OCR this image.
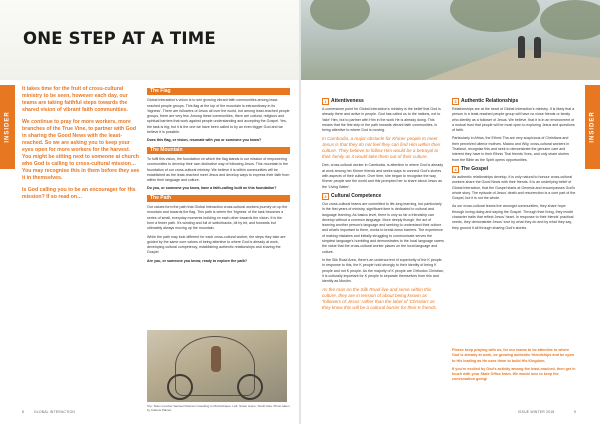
ONE STEP AT A TIME
INSIDER	INSIDER

It takes time for the fruit of cross-cultural ministry to be seen, however each day, our teams are taking faithful steps towards the shared vision of vibrant faith communities.

We continue to pray for more workers, more branches of the True Vine, to partner with God in sharing the Good News with the least-reached. So we are asking you to keep your eyes open for more workers for the harvest. You might be sitting next to someone at church who God is calling to cross-cultural mission… You may recognise this in them before they see it in themselves.

Is God calling you to be an encourager for His mission? If so read on…

The Flag

Global Interaction's vision is to see growing vibrant faith communities among least-reached people groups. This flag at the top of the mountain is extraordinary in its 'bigness'. There are followers of Jesus all over the world, but among least-reached people groups, there are very few. Among these communities, there are cultural, religious and spiritual barriers that work against people understanding and accepting the Gospel. Yes, the task is big; but it is the one we have been called to by an even bigger God and we believe it is possible.

Does this flag, or vision, resonate with you or someone you know?

The Mountain

To fulfil this vision, the foundation on which the flag stands is our mission of empowering communities to develop their own distinctive way of following Jesus. This mountain is the foundation of our cross-cultural ministry. We believe it is within communities will be established as the least-reached meet Jesus and develop ways to express their faith from within their language and culture.

Do you, or someone you know, have a faith-calling built on this foundation?

The Path

Our values form the path that Global Interaction cross-cultural workers journey on up the mountain and towards the flag. This path is where the 'bigness' of the task becomes a series of small, everyday moments building on each other towards the vision. It is the form a fewer path. It's winding and full of switchbacks, bit by bit, and forwards but ultimately always moving up the mountain.

While the path may look different for each cross-cultural worker, the steps they take are guided by the same core values of being attentive to where God is already at work, developing cultural competency, establishing authentic relationships and sharing the Gospel.

Are you, or someone you know, ready to explore the path?

Top: Team member Samuel Peterson travelling to Mozambique. Left: Street scene, South Asia. Photo taken by Andrew Palmer.
1 Attentiveness

A cornerstone point for Global Interaction's ministry is the belief that God is already there and active in people. God has called us to the nations, not to 'take' Him, but to partner with Him in the work He is already doing. This means that the first step in the path towards vibrant faith communities, is being attentive to where God is moving.

In Cambodia, a major obstacle for Khmer people to meet Jesus is that they do not feel they can find Him within their culture. They believe to follow Him would be a betrayal to their family as it would take them out of their culture.

Deb, cross-cultural worker in Cambodia, is attentive to where God is already at work among her Khmer friends and seeks ways to connect God's stories with aspects of their culture. Over time, she began to recognise the way Khmer people see the world and this prompted her to share about Jesus as the 'Living Water'.

2 Cultural Competence

Our cross-cultural teams are committed to life-long learning, but particularly in the first years of ministry, significant time is dedicated to cultural and language learning. As basics level, there is only so far a friendship can develop without a common language. More deeply though, the act of learning another person's language and seeking to understand their culture and what's important to them, works to break down barriers. The experience of making mistakes and initially struggling to communicate serves the simplest language's humbling and demonstrates to the local language carers the value that the cross-cultural worker places on the local language and culture.

In the Silk Road Area, there's an undercurrent of superiority of the K people. In response to this, the K people hold strongly to their identity of being K people and not K people. As the majority of K people are Orthodox Christian, it is culturally important for K people to separate themselves from this and identify as Muslim.

As the man on the Silk Road live and serve within this culture, they are in tension of about being known as 'followers of Jesus' rather than the label of 'Christian' as they know this will be a cultural barrier for their K friends.

3 Authentic Relationships

Relationships are at the heart of Global Interaction's ministry. It is likely that a person in a least-reached people group will have no close friends or family who identify as a follower of Jesus. We believe, that it is in an environment of a mutual trust that people will be most open to exploring Jesus and questions of faith.

Particularly in Africa, the Ethnic Tha are very suspicious of Christians and their perceived ulterior motives. Maano and Wily, cross-cultural workers in Thailand, recognise this and seek to demonstrate the genuine care and interest they have in their Ethnic Thai friends' lives, and only share stories from the Bible as the Spirit opens opportunities.

4 The Gospel

As authentic relationships develop, it is only natural to honour cross-cultural workers share the Good News with their friends. It is an underlying belief of Global Interaction, that the Gospel starts at Genesis and encompasses God's whole story. The episode of Jesus' death and resurrection is a core part of the Gospel, but it is not the whole.

As our cross-cultural teams live amongst communities, they share hope through loving doing and saying the Gospel. Through their living, they model character traits that reflect Jesus' heart. In response to their friends' practical needs, they demonstrate Jesus' love by what they do and by what they say, they ground it all through sharing God's stories.

Please keep praying with us, for our teams to be attentive to where God is already at work, be growing authentic friendships and be open to His leading as He uses them to build His Kingdom.

If you're excited by God's activity among the least-reached, then get in touch with your State Office team. We would love to keep the conversation going!

8	GLOBAL INTERACTION	ISSUE WINTER 2018	9
